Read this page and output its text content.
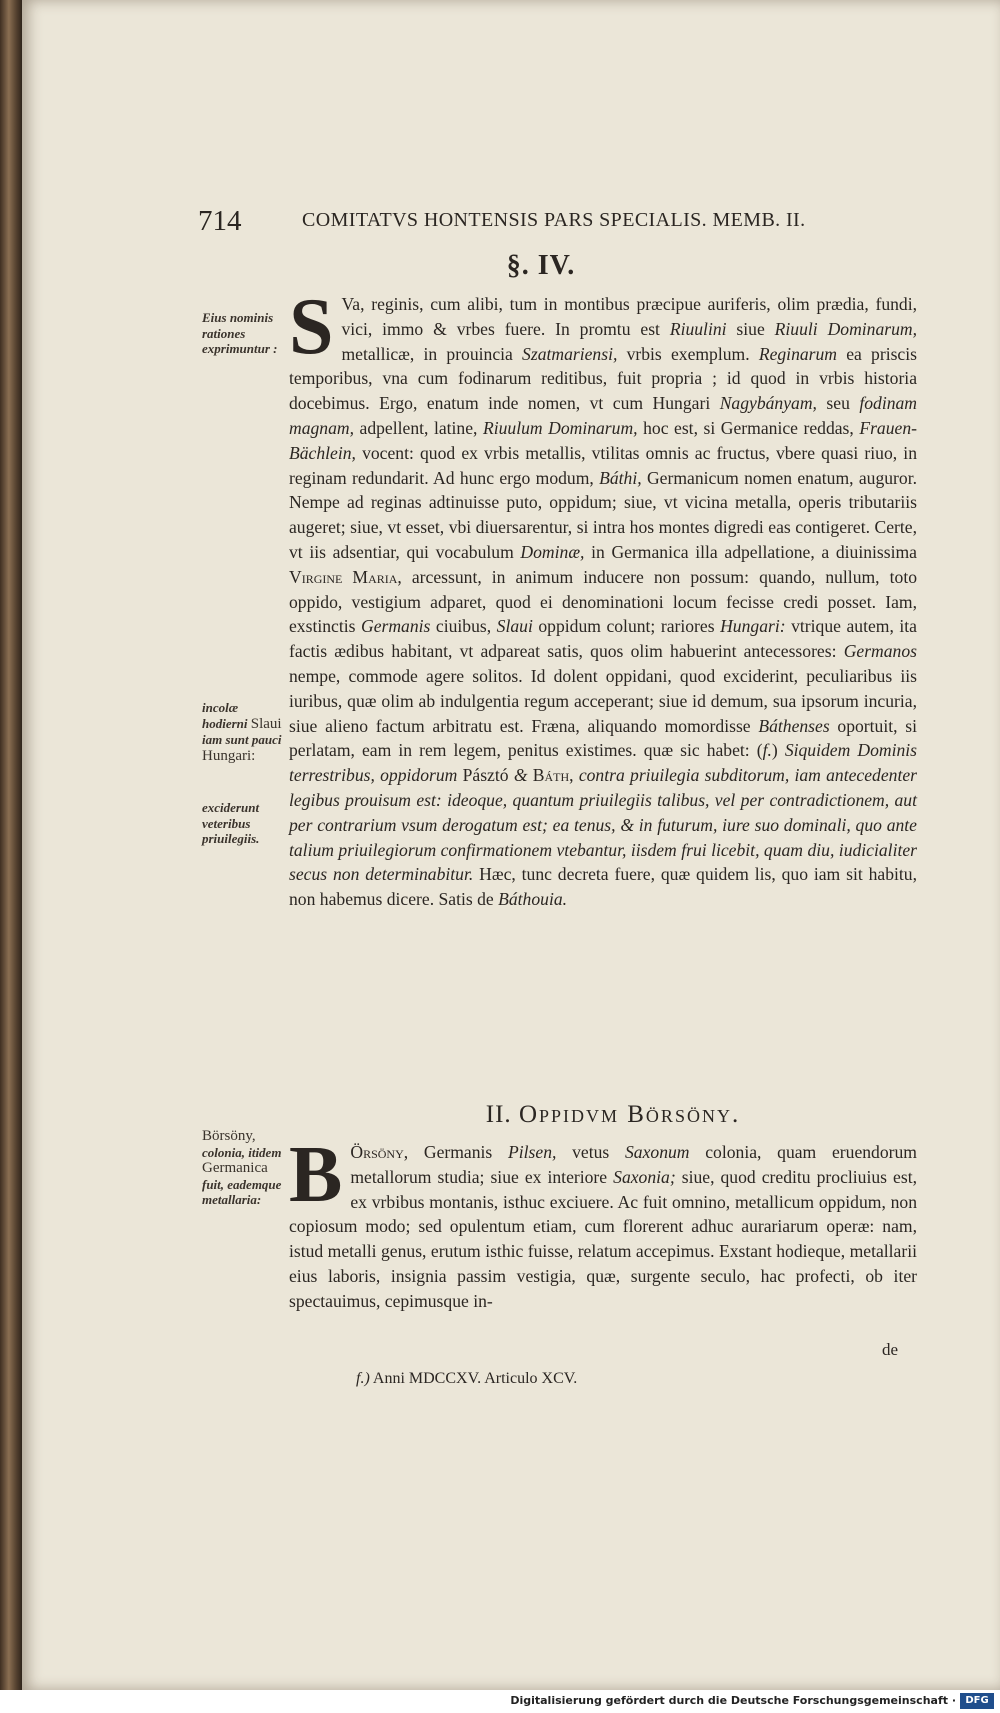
714	COMITATVS HONTENSIS PARS SPECIALIS. MEMB. II.
§. IV.
Eius nominis rationes exprimuntur :
incolæ hodierni Slaui iam sunt pauci Hungari:
exciderunt veteribus priuilegiis.
Börsöny, colonia, itidem Germanica fuit, eademque metallaria:
S Va, reginis, cum alibi, tum in montibus præcipue auriferis, olim prædia, fundi, vici, immo & vrbes fuere. In promtu est Riuulini siue Riuuli Dominarum, metallicæ, in prouincia Szatmariensi, vrbis exemplum. Reginarum ea priscis temporibus, vna cum fodinarum reditibus, fuit propria ; id quod in vrbis historia docebimus. Ergo, enatum inde nomen, vt cum Hungari Nagybányam, seu fodinam magnam, adpellent, latine, Riuulum Dominarum, hoc est, si Germanice reddas, Frauen-Bächlein, vocent: quod ex vrbis metallis, vtilitas omnis ac fructus, vbere quasi riuo, in reginam redundarit. Ad hunc ergo modum, Báthi, Germanicum nomen enatum, auguror. Nempe ad reginas adtinuisse puto, oppidum; siue, vt vicina metalla, operis tributariis augeret; siue, vt esset, vbi diuersarentur, si intra hos montes digredi eas contigeret. Certe, vt iis adsentiar, qui vocabulum Dominæ, in Germanica illa adpellatione, a diuinissima Virgine Maria, arcessunt, in animum inducere non possum: quando, nullum, toto oppido, vestigium adparet, quod ei denominationi locum fecisse credi posset. Iam, exstinctis Germanis ciuibus, Slaui oppidum colunt; rariores Hungari: vtrique autem, ita factis ædibus habitant, vt adpareat satis, quos olim habuerint antecessores: Germanos nempe, commode agere solitos. Id dolent oppidani, quod exciderint, peculiaribus iis iuribus, quæ olim ab indulgentia regum acceperant; siue id demum, sua ipsorum incuria, siue alieno factum arbitratu est. Fræna, aliquando momordisse Báthenses oportuit, si perlatam, eam in rem legem, penitus existimes. quæ sic habet: (f.) Siquidem Dominis terrestribus, oppidorum Pásztó & Báth, contra priuilegia subditorum, iam antecedenter legibus prouisum est: ideoque, quantum priuilegiis talibus, vel per contradictionem, aut per contrarium vsum derogatum est; ea tenus, & in futurum, iure suo dominali, quo ante talium priuilegiorum confirmationem vtebantur, iisdem frui licebit, quam diu, iudicialiter secus non determinabitur. Hæc, tunc decreta fuere, quæ quidem lis, quo iam sit habitu, non habemus dicere. Satis de Báthouia.
II. Oppidvm Börsöny.
B Örsöny, Germanis Pilsen, vetus Saxonum colonia, quam eruendorum metallorum studia; siue ex interiore Saxonia; siue, quod creditu procliuius est, ex vrbibus montanis, isthuc exciuere. Ac fuit omnino, metallicum oppidum, non copiosum modo; sed opulentum etiam, cum florerent adhuc aurariarum operæ: nam, istud metalli genus, erutum isthic fuisse, relatum accepimus. Exstant hodieque, metallarii eius laboris, insignia passim vestigia, quæ, surgente seculo, hac profecti, ob iter spectauimus, cepimusque in-
de
f.) Anni MDCCXV. Articulo XCV.
Digitalisierung gefördert durch die Deutsche Forschungsgemeinschaft · DFG
